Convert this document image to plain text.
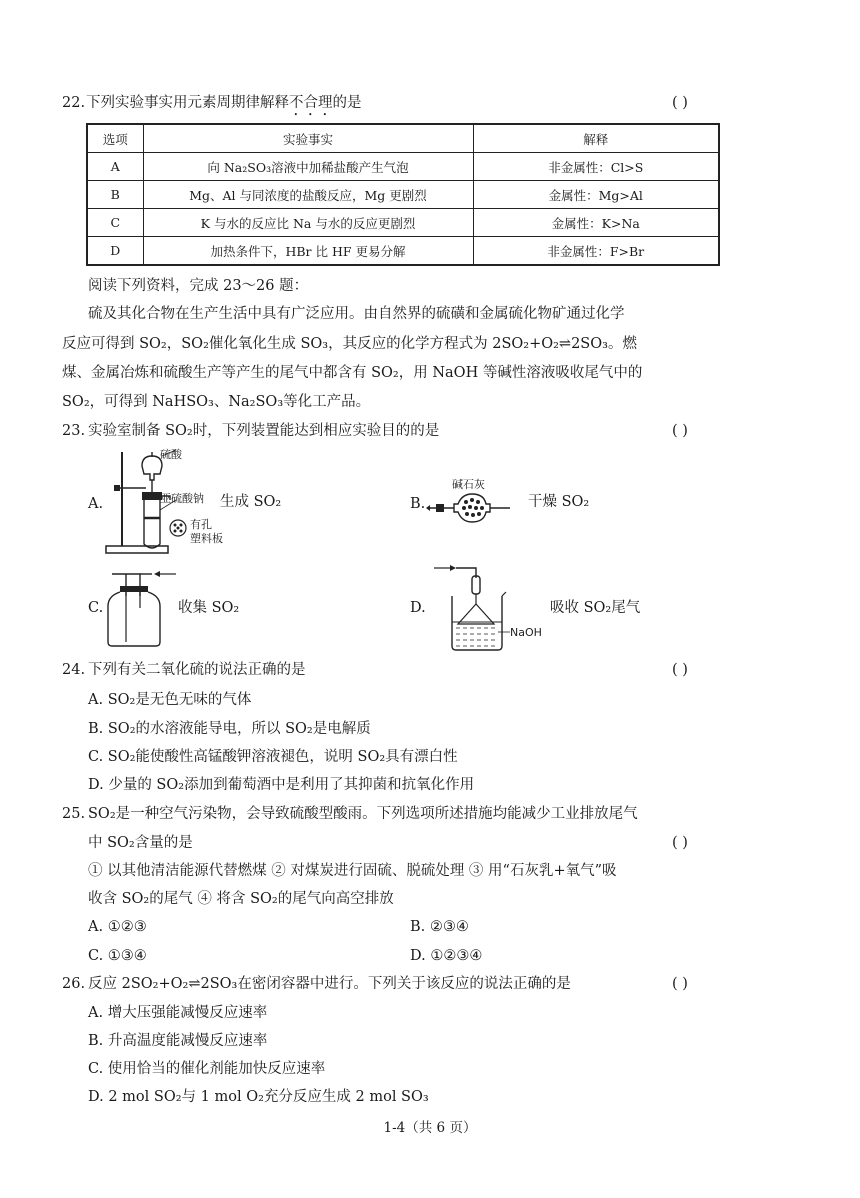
22. 下列实验事实用元素周期律解释不合理的是	( )
选项	实验事实	解释
A	向 Na₂SO₃溶液中加稀盐酸产生气泡	非金属性：Cl>S
B	Mg、Al 与同浓度的盐酸反应，Mg 更剧烈	金属性：Mg>Al
C	K 与水的反应比 Na 与水的反应更剧烈	金属性：K>Na
D	加热条件下，HBr 比 HF 更易分解	非金属性：F>Br
阅读下列资料，完成 23～26 题：
硫及其化合物在生产生活中具有广泛应用。由自然界的硫磺和金属硫化物矿通过化学
反应可得到 SO₂，SO₂催化氧化生成 SO₃，其反应的化学方程式为 2SO₂+O₂⇌2SO₃。燃
煤、金属冶炼和硫酸生产等产生的尾气中都含有 SO₂，用 NaOH 等碱性溶液吸收尾气中的
SO₂，可得到 NaHSO₃、Na₂SO₃等化工产品。
23. 实验室制备 SO₂时，下列装置能达到相应实验目的的是	( )
A.
硫酸
亚硫酸钠
有孔
塑料板
生成 SO₂	B.
碱石灰
干燥 SO₂
C.	收集 SO₂	D.
NaOH
吸收 SO₂尾气
24. 下列有关二氧化硫的说法正确的是	( )
A. SO₂是无色无味的气体
B. SO₂的水溶液能导电，所以 SO₂是电解质
C. SO₂能使酸性高锰酸钾溶液褪色，说明 SO₂具有漂白性
D. 少量的 SO₂添加到葡萄酒中是利用了其抑菌和抗氧化作用
25. SO₂是一种空气污染物，会导致硫酸型酸雨。下列选项所述措施均能减少工业排放尾气
中 SO₂含量的是	( )
① 以其他清洁能源代替燃煤 ② 对煤炭进行固硫、脱硫处理 ③ 用“石灰乳+氧气”吸
收含 SO₂的尾气 ④ 将含 SO₂的尾气向高空排放
A. ①②③	B. ②③④
C. ①③④	D. ①②③④
26. 反应 2SO₂+O₂⇌2SO₃在密闭容器中进行。下列关于该反应的说法正确的是	( )
A. 增大压强能减慢反应速率
B. 升高温度能减慢反应速率
C. 使用恰当的催化剂能加快反应速率
D. 2 mol SO₂与 1 mol O₂充分反应生成 2 mol SO₃
1-4（共 6 页）
